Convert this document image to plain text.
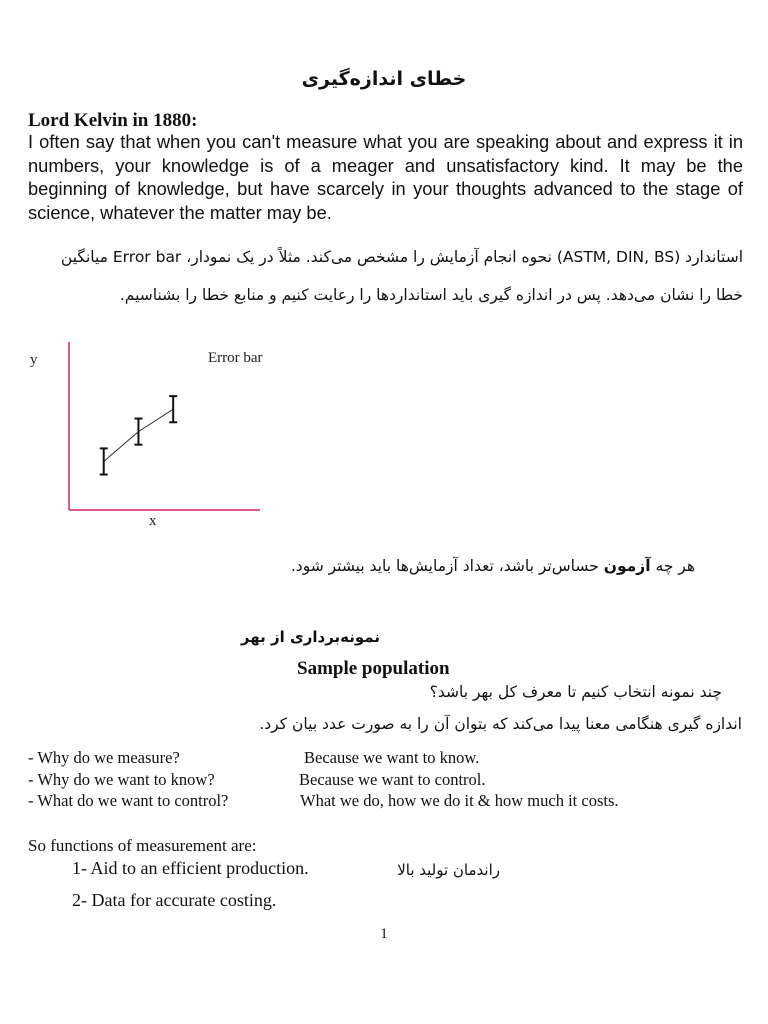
خطای اندازه‌گیری
Lord Kelvin in 1880:

I often say that when you can't measure what you are speaking about and express it in numbers, your knowledge is of a meager and unsatisfactory kind. It may be the beginning of knowledge, but have scarcely in your thoughts advanced to the stage of science, whatever the matter may be.

استاندارد (ASTM, DIN, BS) نحوه انجام آزمایش را مشخص می‌کند. مثلاً در یک نمودار، Error bar میانگین
خطا را نشان می‌دهد. پس در اندازه گیری باید استانداردها را رعایت کنیم و منابع خطا را بشناسیم.
y
x
Error bar
هر چه آزمون حساس‌تر باشد، تعداد آزمایش‌ها باید بیشتر شود.
نمونه‌برداری از بهر
Sample population
چند نمونه انتخاب کنیم تا معرف کل بهر باشد؟
اندازه گیری هنگامی معنا پیدا می‌کند که بتوان آن را به صورت عدد بیان کرد.
- Why do we measure?	Because we want to know.
- Why do we want to know?	Because we want to control.
- What do we want to control?	What we do, how we do it & how much it costs.
So functions of measurement are:
1- Aid to an efficient production.	راندمان تولید بالا
2- Data for accurate costing.
1
